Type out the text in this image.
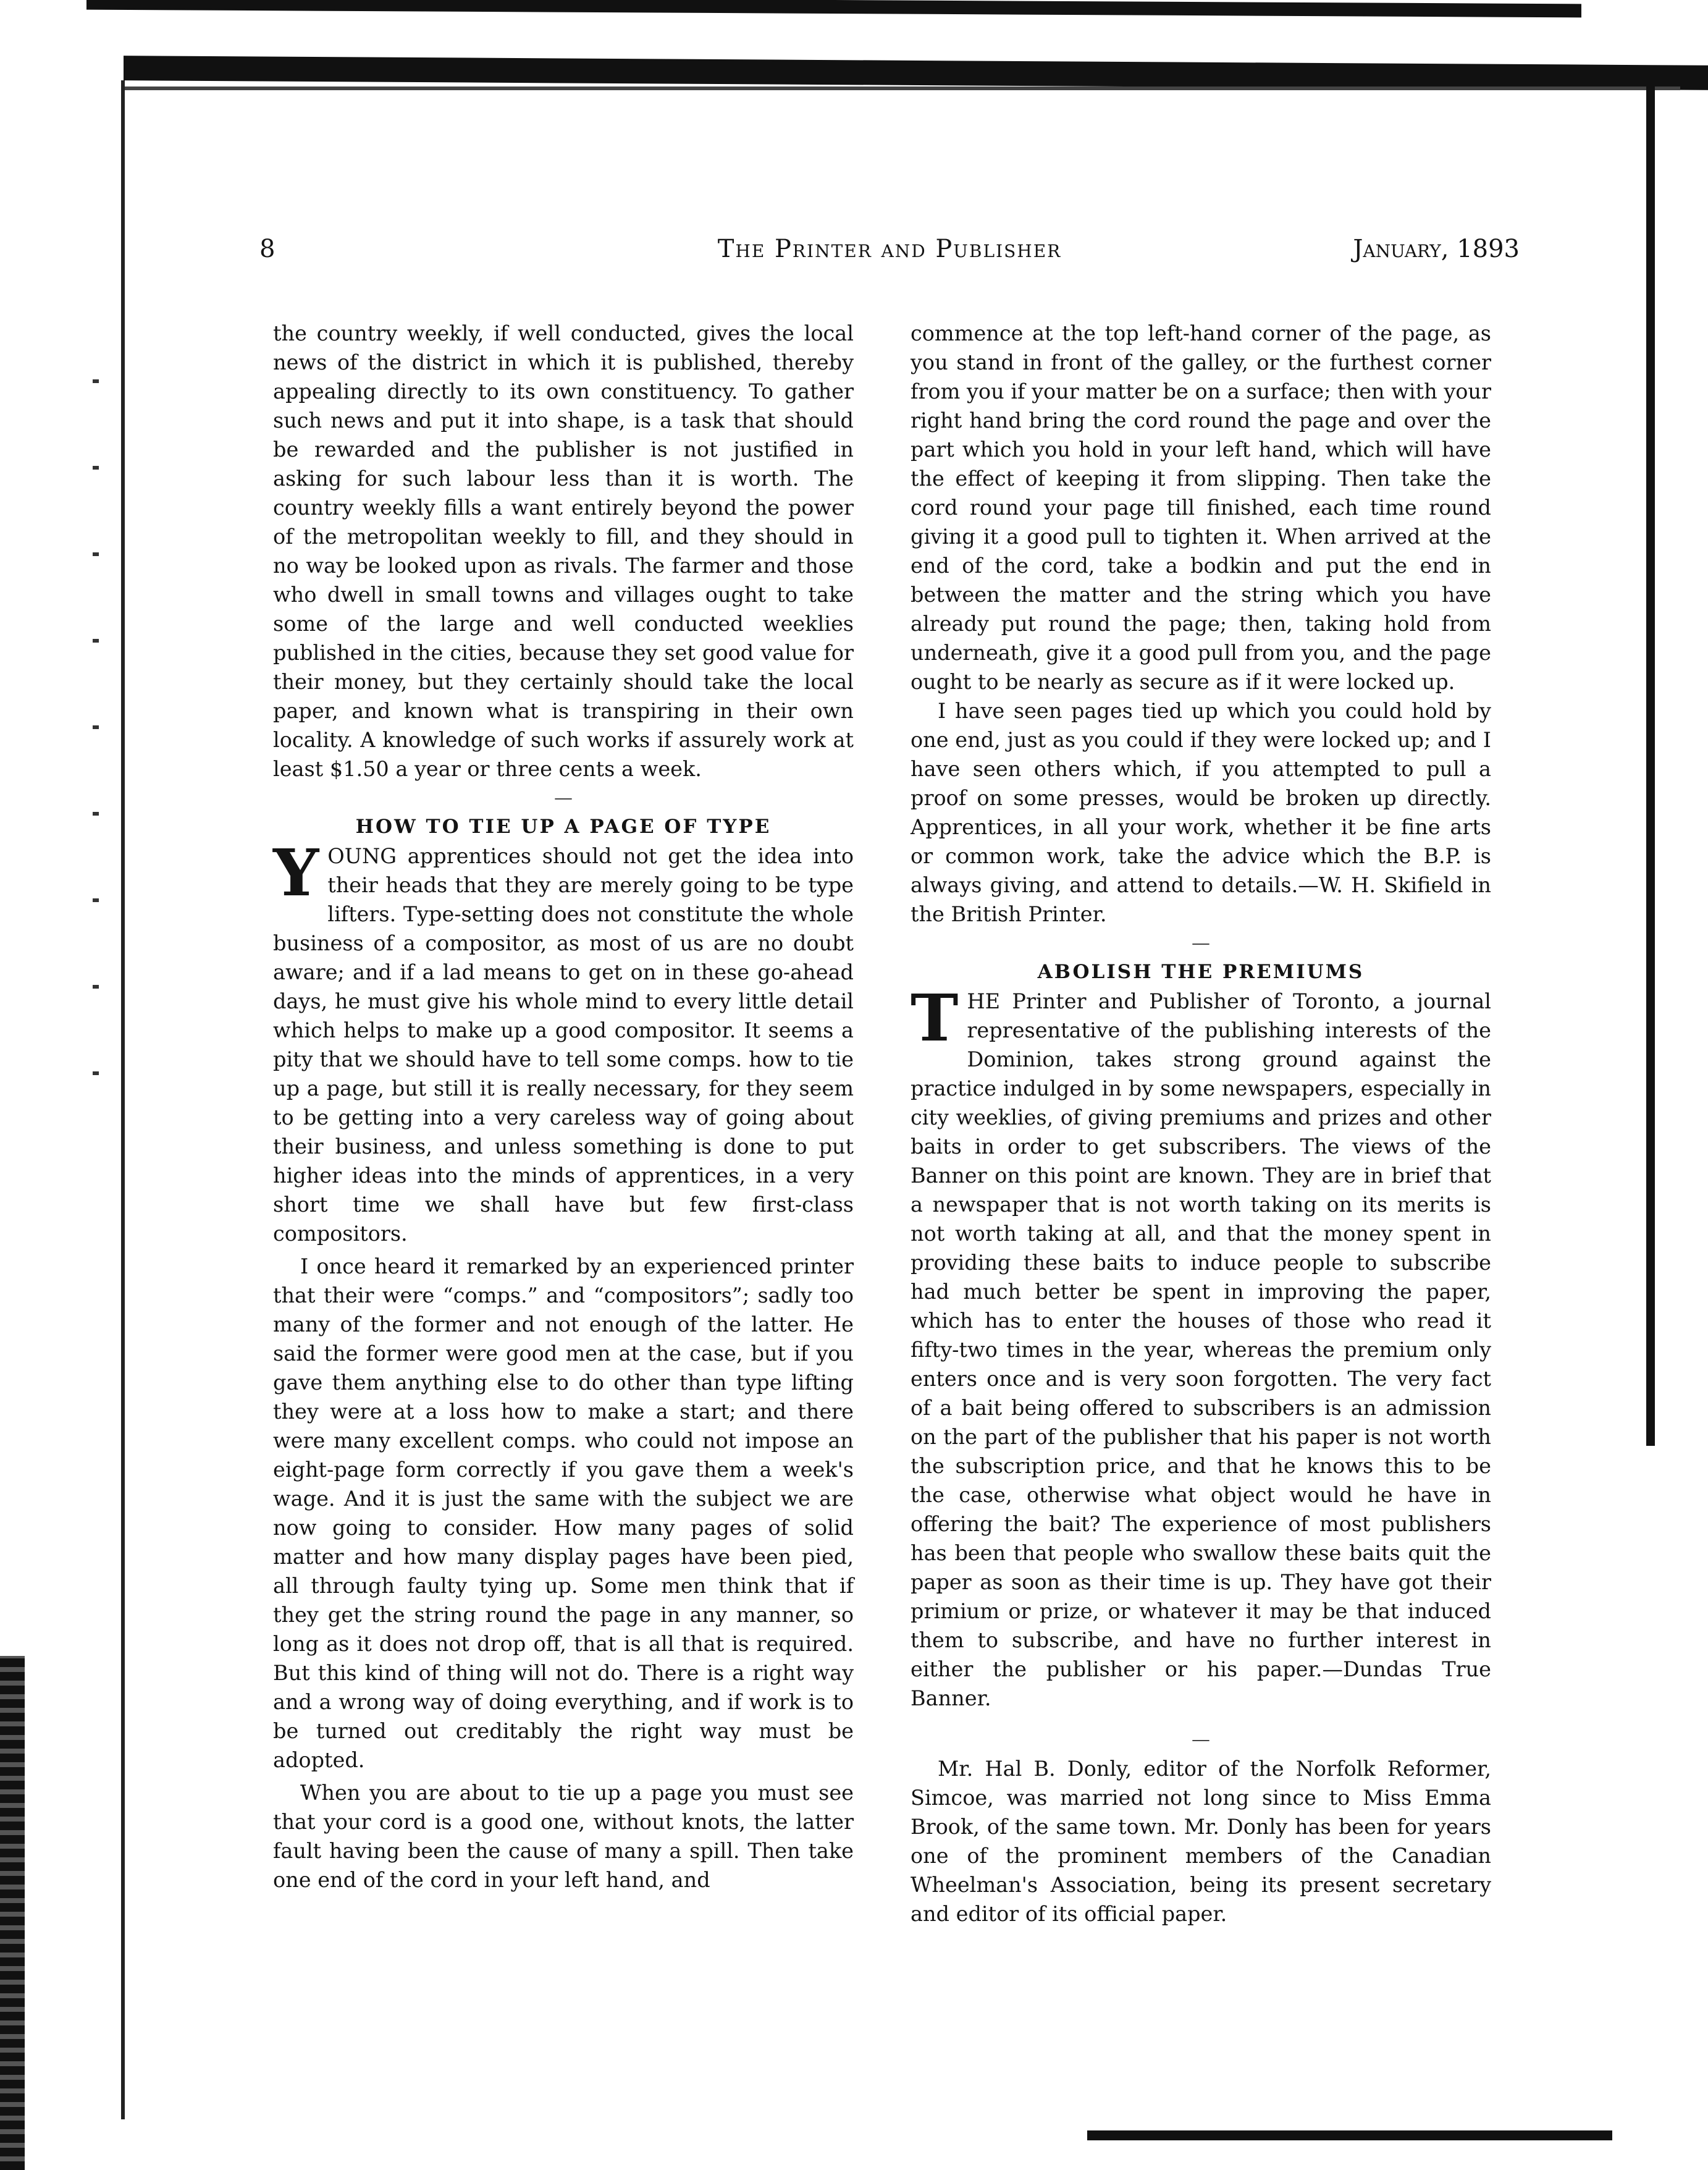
8	The Printer and Publisher	January, 1893

the country weekly, if well conducted, gives the local news of the district in which it is published, thereby appealing directly to its own constituency. To gather such news and put it into shape, is a task that should be rewarded and the publisher is not justified in asking for such labour less than it is worth. The country weekly fills a want entirely beyond the power of the metropolitan weekly to fill, and they should in no way be looked upon as rivals. The farmer and those who dwell in small towns and villages ought to take some of the large and well conducted weeklies published in the cities, because they set good value for their money, but they certainly should take the local paper, and known what is transpiring in their own locality. A knowledge of such works if assurely work at least $1.50 a year or three cents a week.

—

HOW TO TIE UP A PAGE OF TYPE

YOUNG apprentices should not get the idea into their heads that they are merely going to be type lifters. Type-setting does not constitute the whole business of a compositor, as most of us are no doubt aware; and if a lad means to get on in these go-ahead days, he must give his whole mind to every little detail which helps to make up a good compositor. It seems a pity that we should have to tell some comps. how to tie up a page, but still it is really necessary, for they seem to be getting into a very careless way of going about their business, and unless something is done to put higher ideas into the minds of apprentices, in a very short time we shall have but few first-class compositors.

I once heard it remarked by an experienced printer that their were “comps.” and “compositors”; sadly too many of the former and not enough of the latter. He said the former were good men at the case, but if you gave them anything else to do other than type lifting they were at a loss how to make a start; and there were many excellent comps. who could not impose an eight-page form correctly if you gave them a week's wage. And it is just the same with the subject we are now going to consider. How many pages of solid matter and how many display pages have been pied, all through faulty tying up. Some men think that if they get the string round the page in any manner, so long as it does not drop off, that is all that is required. But this kind of thing will not do. There is a right way and a wrong way of doing everything, and if work is to be turned out creditably the right way must be adopted.

When you are about to tie up a page you must see that your cord is a good one, without knots, the latter fault having been the cause of many a spill. Then take one end of the cord in your left hand, and

commence at the top left-hand corner of the page, as you stand in front of the galley, or the furthest corner from you if your matter be on a surface; then with your right hand bring the cord round the page and over the part which you hold in your left hand, which will have the effect of keeping it from slipping. Then take the cord round your page till finished, each time round giving it a good pull to tighten it. When arrived at the end of the cord, take a bodkin and put the end in between the matter and the string which you have already put round the page; then, taking hold from underneath, give it a good pull from you, and the page ought to be nearly as secure as if it were locked up.

I have seen pages tied up which you could hold by one end, just as you could if they were locked up; and I have seen others which, if you attempted to pull a proof on some presses, would be broken up directly. Apprentices, in all your work, whether it be fine arts or common work, take the advice which the B.P. is always giving, and attend to details.—W. H. Skifield in the British Printer.

—

ABOLISH THE PREMIUMS

THE Printer and Publisher of Toronto, a journal representative of the publishing interests of the Dominion, takes strong ground against the practice indulged in by some newspapers, especially in city weeklies, of giving premiums and prizes and other baits in order to get subscribers. The views of the Banner on this point are known. They are in brief that a newspaper that is not worth taking on its merits is not worth taking at all, and that the money spent in providing these baits to induce people to subscribe had much better be spent in improving the paper, which has to enter the houses of those who read it fifty-two times in the year, whereas the premium only enters once and is very soon forgotten. The very fact of a bait being offered to subscribers is an admission on the part of the publisher that his paper is not worth the subscription price, and that he knows this to be the case, otherwise what object would he have in offering the bait? The experience of most publishers has been that people who swallow these baits quit the paper as soon as their time is up. They have got their primium or prize, or whatever it may be that induced them to subscribe, and have no further interest in either the publisher or his paper.—Dundas True Banner.

—

Mr. Hal B. Donly, editor of the Norfolk Reformer, Simcoe, was married not long since to Miss Emma Brook, of the same town. Mr. Donly has been for years one of the prominent members of the Canadian Wheelman's Association, being its present secretary and editor of its official paper.
